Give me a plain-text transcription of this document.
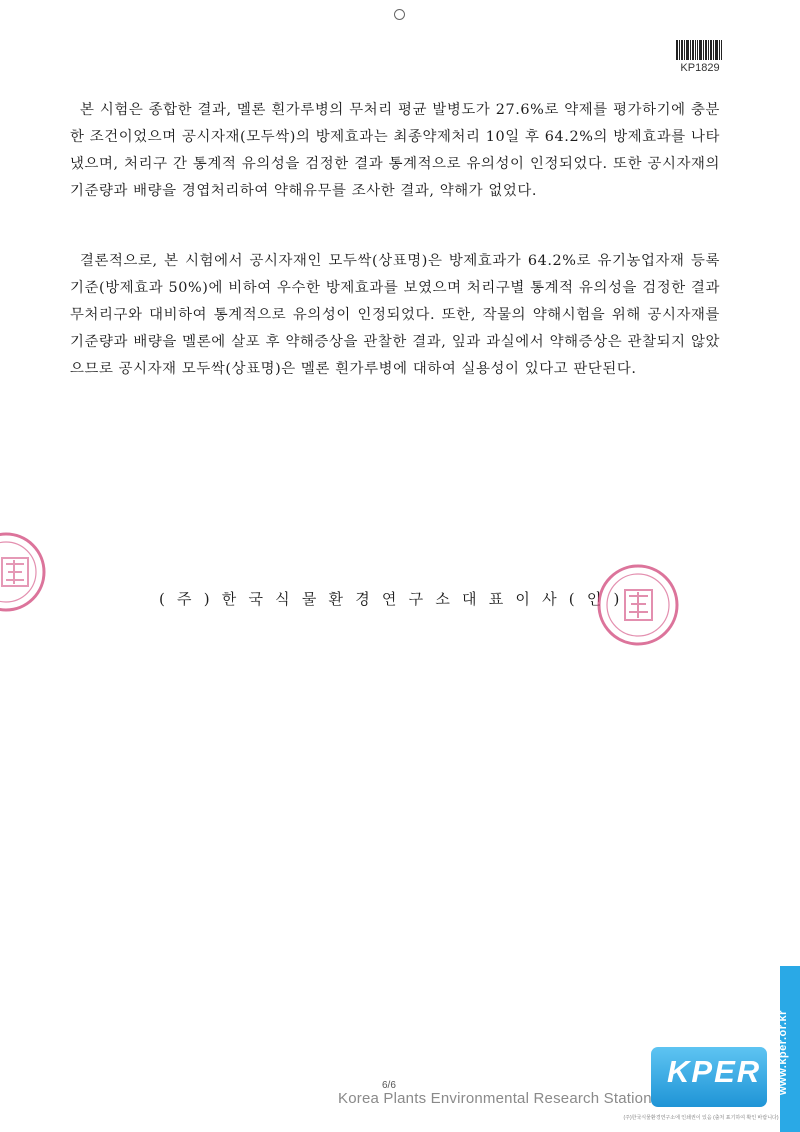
KP1829

본 시험은 종합한 결과, 멜론 흰가루병의 무처리 평균 발병도가 27.6%로 약제를 평가하기에 충분한 조건이었으며 공시자재(모두싹)의 방제효과는 최종약제처리 10일 후 64.2%의 방제효과를 나타냈으며, 처리구 간 통계적 유의성을 검정한 결과 통계적으로 유의성이 인정되었다. 또한 공시자재의 기준량과 배량을 경엽처리하여 약해유무를 조사한 결과, 약해가 없었다.

결론적으로, 본 시험에서 공시자재인 모두싹(상표명)은 방제효과가 64.2%로 유기농업자재 등록기준(방제효과 50%)에 비하여 우수한 방제효과를 보였으며 처리구별 통계적 유의성을 검정한 결과 무처리구와 대비하여 통계적으로 유의성이 인정되었다. 또한, 작물의 약해시험을 위해 공시자재를 기준량과 배량을 멜론에 살포 후 약해증상을 관찰한 결과, 잎과 과실에서 약해증상은 관찰되지 않았으므로 공시자재 모두싹(상표명)은 멜론 흰가루병에 대하여 실용성이 있다고 판단된다.

(주)한국식물환경연구소대표이사(인)
www.kper.or.kr
KPER
(주)한국식물환경연구소에 인쇄권이 있음 (출처 표기하여 확인 바랍니다)
6/6
Korea Plants Environmental Research Station
